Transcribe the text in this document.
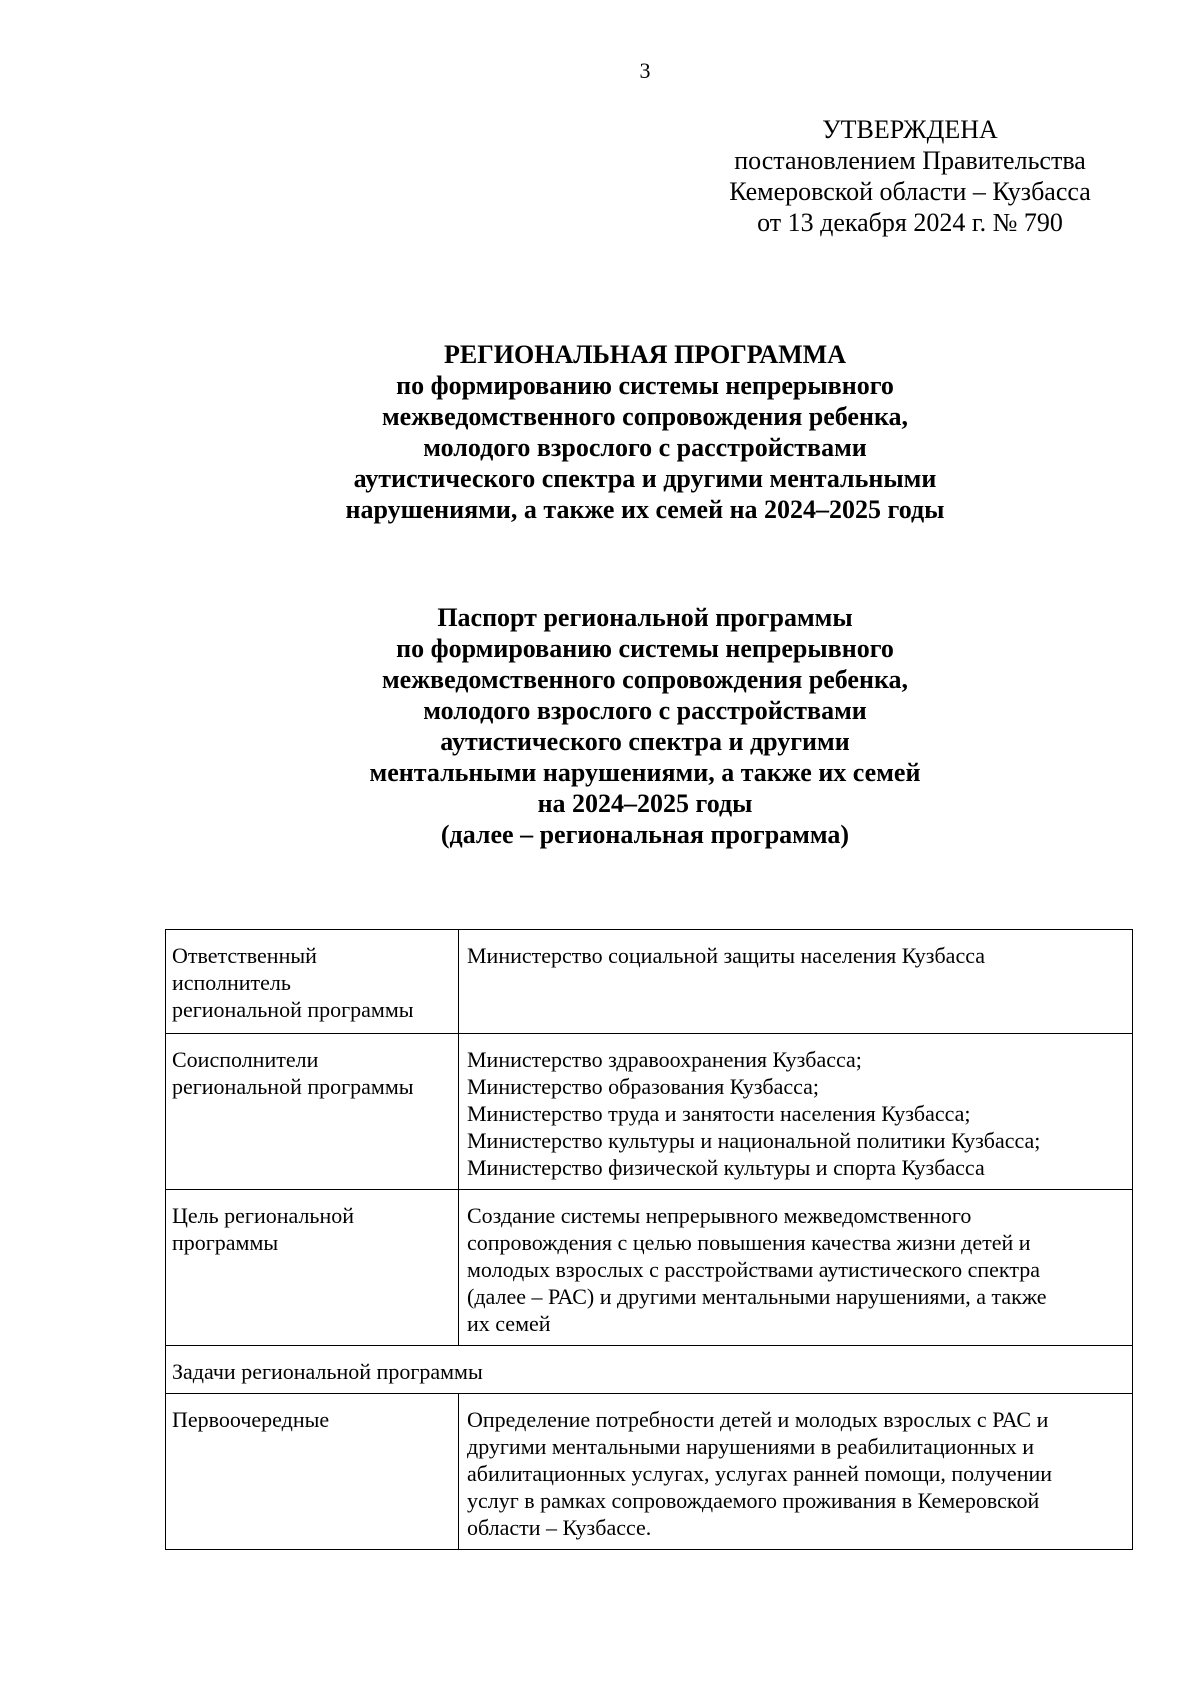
3
УТВЕРЖДЕНА
постановлением Правительства
Кемеровской области – Кузбасса
от 13 декабря 2024 г. № 790
РЕГИОНАЛЬНАЯ ПРОГРАММА
по формированию системы непрерывного
межведомственного сопровождения ребенка,
молодого взрослого с расстройствами
аутистического спектра и другими ментальными
нарушениями, а также их семей на 2024–2025 годы
Паспорт региональной программы
по формированию системы непрерывного
межведомственного сопровождения ребенка,
молодого взрослого с расстройствами
аутистического спектра и другими
ментальными нарушениями, а также их семей
на 2024–2025 годы
(далее – региональная программа)
Ответственный
исполнитель
региональной программы	Министерство социальной защиты населения Кузбасса

Соисполнители
региональной программы	Министерство здравоохранения Кузбасса;
Министерство образования Кузбасса;
Министерство труда и занятости населения Кузбасса;
Министерство культуры и национальной политики Кузбасса;
Министерство физической культуры и спорта Кузбасса

Цель региональной
программы	Создание системы непрерывного межведомственного
сопровождения с целью повышения качества жизни детей и
молодых взрослых с расстройствами аутистического спектра
(далее – РАС) и другими ментальными нарушениями, а также
их семей

Задачи региональной программы	

Первоочередные	Определение потребности детей и молодых взрослых с РАС и
другими ментальными нарушениями в реабилитационных и
абилитационных услугах, услугах ранней помощи, получении
услуг в рамках сопровождаемого проживания в Кемеровской
области – Кузбассе.
